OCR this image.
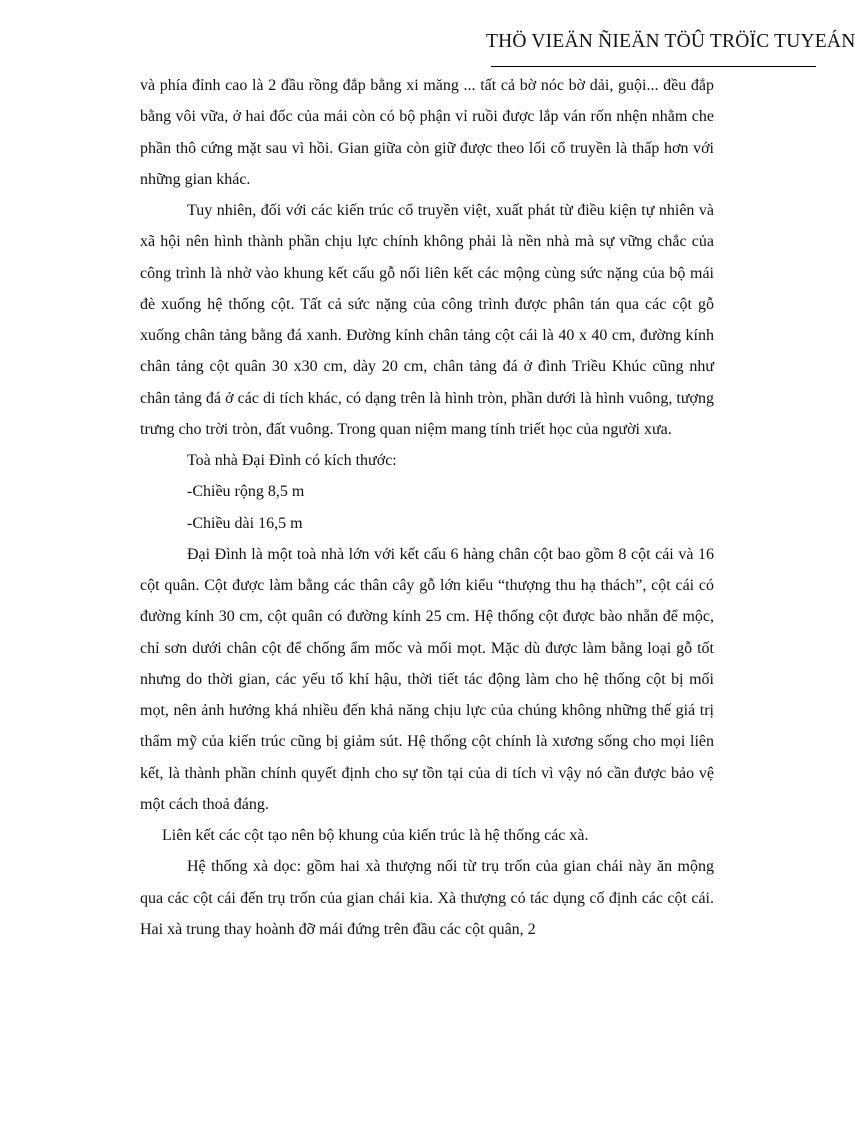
THÖ VIEÄN ÑIEÄN TÖÛ TRÖÏC TUYEÁN

và phía đỉnh cao là 2 đầu rồng đắp bằng xi măng ... tất cả bờ nóc bờ dải, guội... đều đắp bằng vôi vữa, ở hai đốc của mái còn có bộ phận vỉ ruồi được lắp ván rốn nhện nhằm che phần thô cứng mặt sau vì hồi. Gian giữa còn giữ được theo lối cổ truyền là thấp hơn với những gian khác.

Tuy nhiên, đối với các kiến trúc cổ truyền việt, xuất phát từ điều kiện tự nhiên và xã hội nên hình thành phần chịu lực chính không phải là nền nhà mà sự vững chắc của công trình là nhờ vào khung kết cấu gỗ nối liên kết các mộng cùng sức nặng của bộ mái đè xuống hệ thống cột. Tất cả sức nặng của công trình được phân tán qua các cột gỗ xuống chân tảng bằng đá xanh. Đường kính chân tảng cột cái là 40 x 40 cm, đường kính chân tảng cột quân 30 x30 cm, dày 20 cm, chân tảng đá ở đình Triều Khúc cũng như chân tảng đá ở các di tích khác, có dạng trên là hình tròn, phần dưới là hình vuông, tượng trưng cho trời tròn, đất vuông. Trong quan niệm mang tính triết học của người xưa.

Toà nhà Đại Đình có kích thước:

-Chiều rộng 8,5 m

-Chiều dài 16,5 m

Đại Đình là một toà nhà lớn với kết cấu 6 hàng chân cột bao gồm 8 cột cái và 16 cột quân. Cột được làm bằng các thân cây gỗ lớn kiểu “thượng thu hạ thách”, cột cái có đường kính 30 cm, cột quân có đường kính 25 cm. Hệ thống cột được bào nhẵn để mộc, chỉ sơn dưới chân cột để chống ẩm mốc và mối mọt. Mặc dù được làm bằng loại gỗ tốt nhưng do thời gian, các yếu tố khí hậu, thời tiết tác động làm cho hệ thống cột bị mối mọt, nên ảnh hưởng khá nhiều đến khả năng chịu lực của chúng không những thế giá trị thẩm mỹ của kiến trúc cũng bị giảm sút. Hệ thống cột chính là xương sống cho mọi liên kết, là thành phần chính quyết định cho sự tồn tại của di tích vì vậy nó cần được bảo vệ một cách thoả đáng.

Liên kết các cột tạo nên bộ khung của kiến trúc là hệ thống các xà.

Hệ thống xà dọc: gồm hai xà thượng nối từ trụ trốn của gian chái này ăn mộng qua các cột cái đến trụ trốn của gian chái kia. Xà thượng có tác dụng cố định các cột cái. Hai xà trung thay hoành đỡ mái đứng trên đầu các cột quân, 2
